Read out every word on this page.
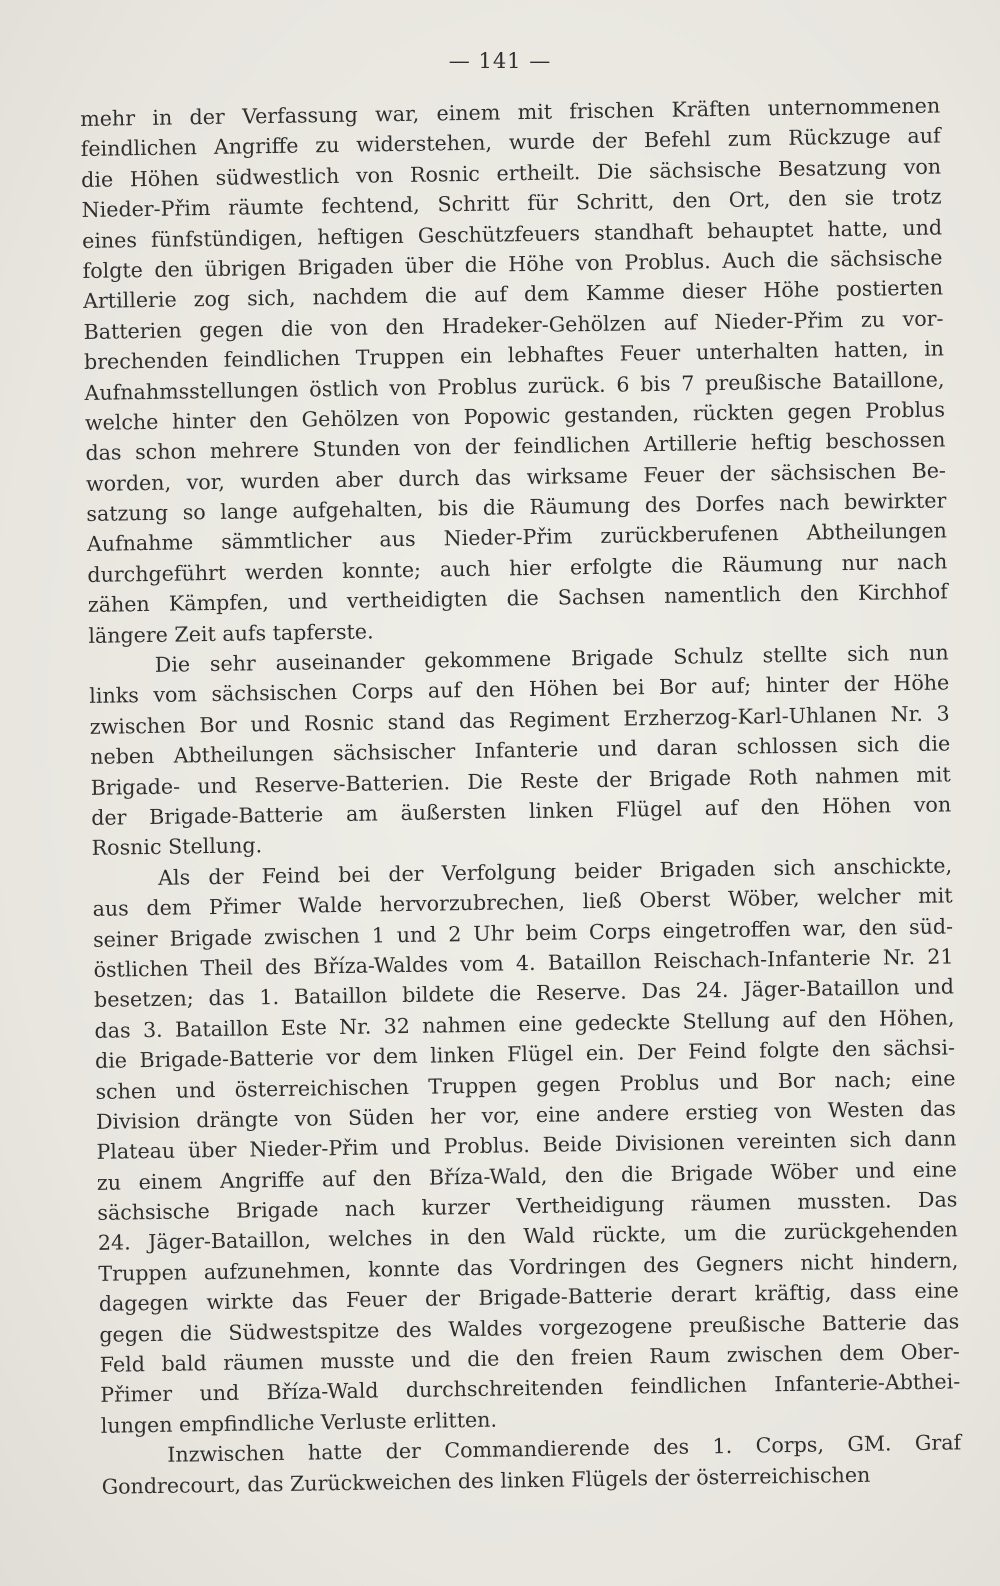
— 141 —
mehr in der Verfassung war, einem mit frischen Kräften unternommenen
feindlichen Angriffe zu widerstehen, wurde der Befehl zum Rückzuge auf
die Höhen südwestlich von Rosnic ertheilt. Die sächsische Besatzung von
Nieder-Přim räumte fechtend, Schritt für Schritt, den Ort, den sie trotz
eines fünfstündigen, heftigen Geschützfeuers standhaft behauptet hatte, und
folgte den übrigen Brigaden über die Höhe von Problus. Auch die sächsische
Artillerie zog sich, nachdem die auf dem Kamme dieser Höhe postierten
Batterien gegen die von den Hradeker-Gehölzen auf Nieder-Přim zu vor-
brechenden feindlichen Truppen ein lebhaftes Feuer unterhalten hatten, in
Aufnahmsstellungen östlich von Problus zurück. 6 bis 7 preußische Bataillone,
welche hinter den Gehölzen von Popowic gestanden, rückten gegen Problus
das schon mehrere Stunden von der feindlichen Artillerie heftig beschossen
worden, vor, wurden aber durch das wirksame Feuer der sächsischen Be-
satzung so lange aufgehalten, bis die Räumung des Dorfes nach bewirkter
Aufnahme sämmtlicher aus Nieder-Přim zurückberufenen Abtheilungen
durchgeführt werden konnte; auch hier erfolgte die Räumung nur nach
zähen Kämpfen, und vertheidigten die Sachsen namentlich den Kirchhof
längere Zeit aufs tapferste.
Die sehr auseinander gekommene Brigade Schulz stellte sich nun
links vom sächsischen Corps auf den Höhen bei Bor auf; hinter der Höhe
zwischen Bor und Rosnic stand das Regiment Erzherzog-Karl-Uhlanen Nr. 3
neben Abtheilungen sächsischer Infanterie und daran schlossen sich die
Brigade- und Reserve-Batterien. Die Reste der Brigade Roth nahmen mit
der Brigade-Batterie am äußersten linken Flügel auf den Höhen von
Rosnic Stellung.
Als der Feind bei der Verfolgung beider Brigaden sich anschickte,
aus dem Přimer Walde hervorzubrechen, ließ Oberst Wöber, welcher mit
seiner Brigade zwischen 1 und 2 Uhr beim Corps eingetroffen war, den süd-
östlichen Theil des Bříza-Waldes vom 4. Bataillon Reischach-Infanterie Nr. 21
besetzen; das 1. Bataillon bildete die Reserve. Das 24. Jäger-Bataillon und
das 3. Bataillon Este Nr. 32 nahmen eine gedeckte Stellung auf den Höhen,
die Brigade-Batterie vor dem linken Flügel ein. Der Feind folgte den sächsi-
schen und österreichischen Truppen gegen Problus und Bor nach; eine
Division drängte von Süden her vor, eine andere erstieg von Westen das
Plateau über Nieder-Přim und Problus. Beide Divisionen vereinten sich dann
zu einem Angriffe auf den Bříza-Wald, den die Brigade Wöber und eine
sächsische Brigade nach kurzer Vertheidigung räumen mussten. Das
24. Jäger-Bataillon, welches in den Wald rückte, um die zurückgehenden
Truppen aufzunehmen, konnte das Vordringen des Gegners nicht hindern,
dagegen wirkte das Feuer der Brigade-Batterie derart kräftig, dass eine
gegen die Südwestspitze des Waldes vorgezogene preußische Batterie das
Feld bald räumen musste und die den freien Raum zwischen dem Ober-
Přimer und Bříza-Wald durchschreitenden feindlichen Infanterie-Abthei-
lungen empfindliche Verluste erlitten.
Inzwischen hatte der Commandierende des 1. Corps, GM. Graf
Gondrecourt, das Zurückweichen des linken Flügels der österreichischen
